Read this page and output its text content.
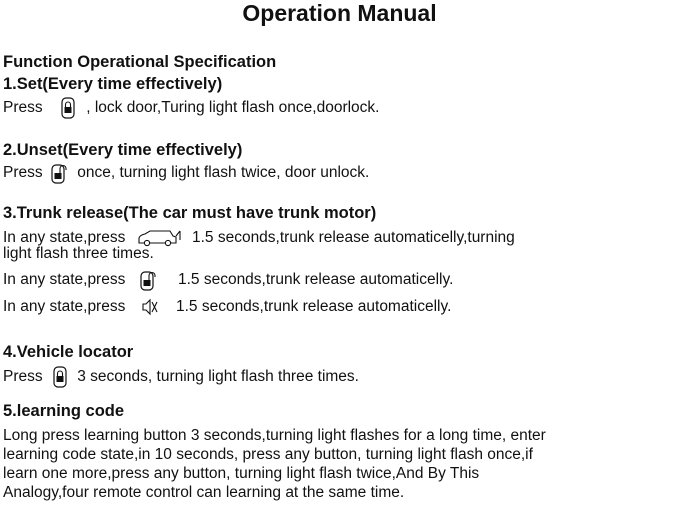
Operation Manual
Function Operational Specification
1.Set(Every time effectively)
Press	, lock door,Turing light flash once,doorlock.
2.Unset(Every time effectively)
Press once, turning light flash twice, door unlock.
3.Trunk release(The car must have trunk motor)
In any state,press	1.5 seconds,trunk release automaticelly,turning
light flash three times.
In any state,press	1.5 seconds,trunk release automaticelly.
In any state,press	1.5 seconds,trunk release automaticelly.
4.Vehicle locator
Press 3 seconds, turning light flash three times.
5.learning code
Long press learning button 3 seconds,turning light flashes for a long time, enter
learning code state,in 10 seconds, press any button, turning light flash once,if
learn one more,press any button, turning light flash twice,And By This
Analogy,four remote control can learning at the same time.
